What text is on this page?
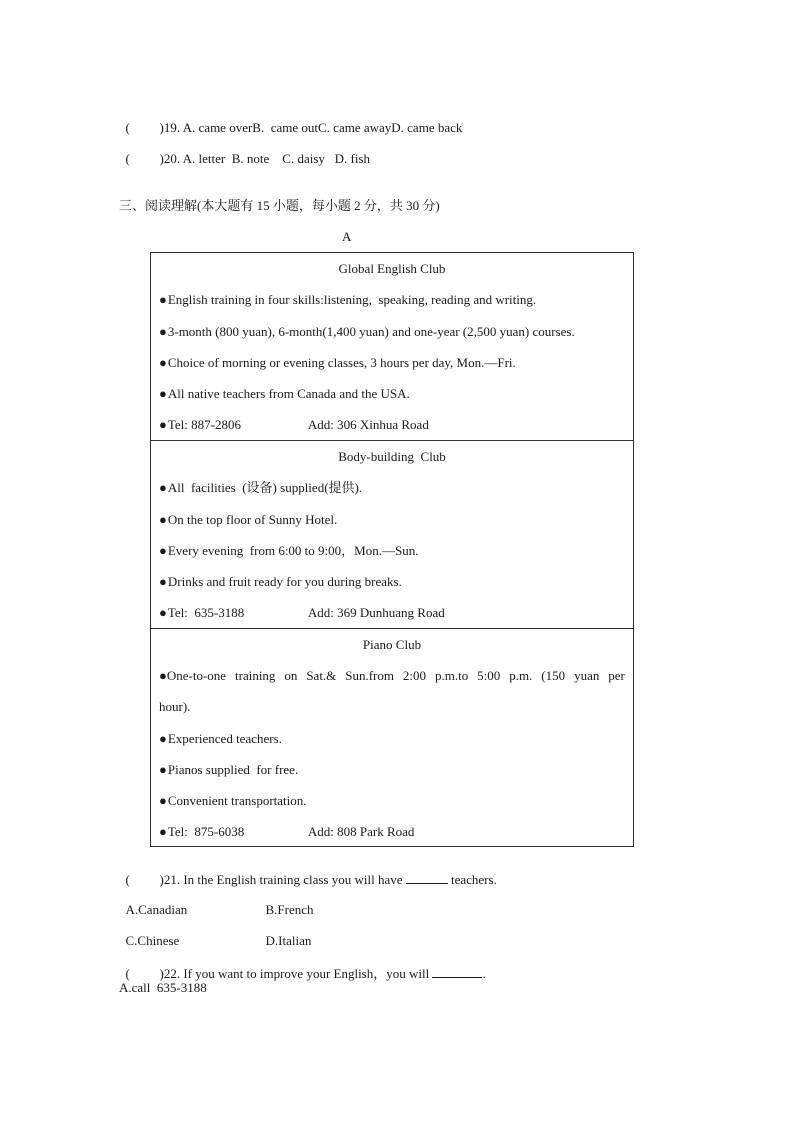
( )19. A. came overB.  came outC. came awayD. came back

( )20. A. letter  B. note    C. daisy   D. fish

三、阅读理解(本大题有 15 小题，每小题 2 分，共 30 分)
A
Global English Club
●English training in four skills:listening,  speaking, reading and writing.
●3-month (800 yuan), 6-month(1,400 yuan) and one-year (2,500 yuan) courses.
●Choice of morning or evening classes, 3 hours per day, Mon.—Fri.
●All native teachers from Canada and the USA.
●Tel: 887-2806	Add: 306 Xinhua Road
Body-building  Club
●All  facilities  (设备) supplied(提供).
●On the top floor of Sunny Hotel.
●Every evening  from 6:00 to 9:00，Mon.—Sun.
●Drinks and fruit ready for you during breaks.
●Tel:  635-3188	Add: 369 Dunhuang Road
Piano Club
●One-to-one training on Sat.& Sun.from 2:00 p.m.to 5:00 p.m. (150 yuan per
hour).
●Experienced teachers.
●Pianos supplied  for free.
●Convenient transportation.
●Tel:  875-6038	Add: 808 Park Road

( )21. In the English training class you will have	teachers.

A.Canadian	B.French

C.Chinese	D.Italian

( )22. If you want to improve your English，you will	.

A.call  635-3188
